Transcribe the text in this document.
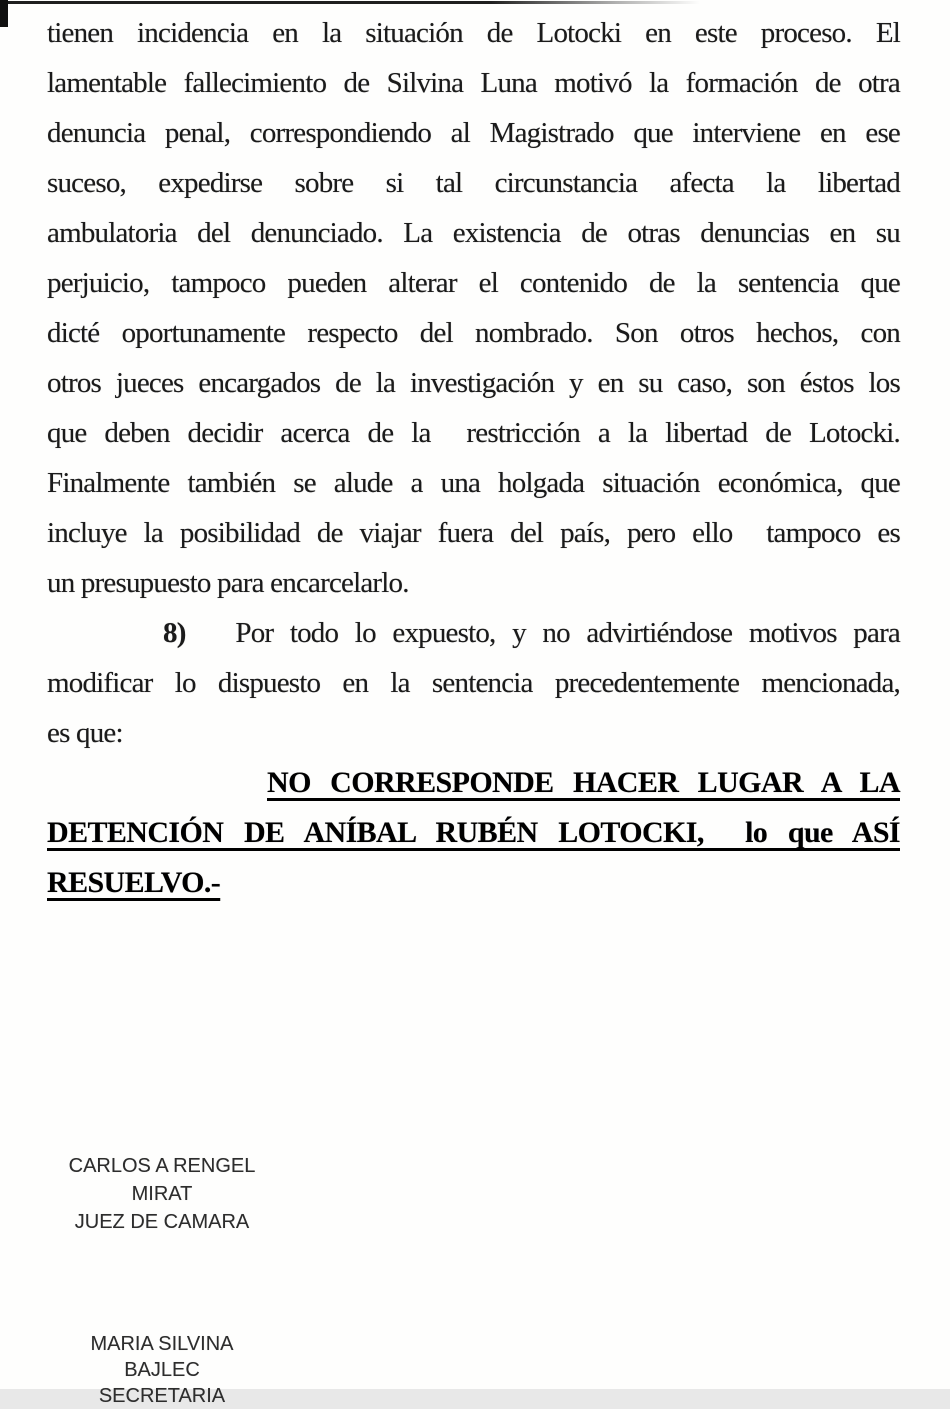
tienen incidencia en la situación de Lotocki en este proceso. El
lamentable fallecimiento de Silvina Luna motivó la formación de otra
denuncia penal, correspondiendo al Magistrado que interviene en ese
suceso, expedirse sobre si tal circunstancia afecta la libertad
ambulatoria del denunciado. La existencia de otras denuncias en su
perjuicio, tampoco pueden alterar el contenido de la sentencia que
dicté oportunamente respecto del nombrado. Son otros hechos, con
otros jueces encargados de la investigación y en su caso, son éstos los
que deben decidir acerca de la  restricción a la libertad de Lotocki.
Finalmente también se alude a una holgada situación económica, que
incluye la posibilidad de viajar fuera del país, pero ello  tampoco es
un presupuesto para encarcelarlo.
8)   Por todo lo expuesto, y no advirtiéndose motivos para
modificar lo dispuesto en la sentencia precedentemente mencionada,
es que:
NO CORRESPONDE HACER LUGAR A LA
DETENCIÓN DE ANÍBAL RUBÉN LOTOCKI,  lo que ASÍ
RESUELVO.-
CARLOS A RENGEL MIRAT
JUEZ DE CAMARA
MARIA SILVINA BAJLEC
SECRETARIA
